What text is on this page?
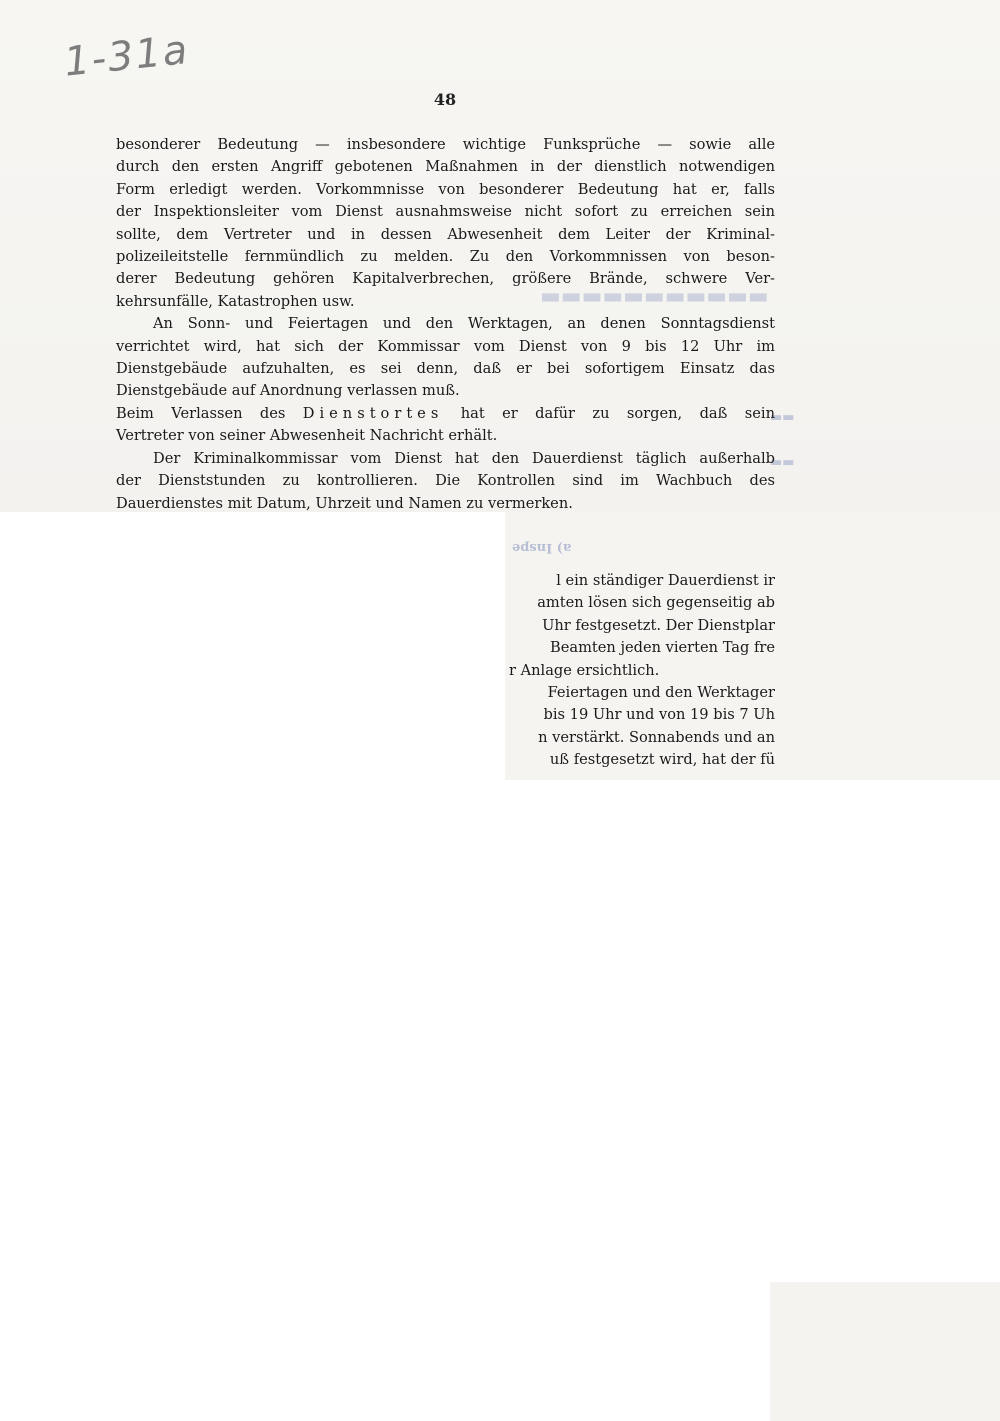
1-31a
48
▬▬▬▬▬▬▬▬▬▬▬
▬▬
▬▬

besonderer Bedeutung — insbesondere wichtige Funksprüche — sowie alle
durch den ersten Angriff gebotenen Maßnahmen in der dienstlich notwendigen
Form erledigt werden. Vorkommnisse von besonderer Bedeutung hat er, falls
der Inspektionsleiter vom Dienst ausnahmsweise nicht sofort zu erreichen sein
sollte, dem Vertreter und in dessen Abwesenheit dem Leiter der Kriminal-
polizeileitstelle fernmündlich zu melden. Zu den Vorkommnissen von beson-
derer Bedeutung gehören Kapitalverbrechen, größere Brände, schwere Ver-
kehrsunfälle, Katastrophen usw.

An Sonn- und Feiertagen und den Werktagen, an denen Sonntagsdienst
verrichtet wird, hat sich der Kommissar vom Dienst von 9 bis 12 Uhr im
Dienstgebäude aufzuhalten, es sei denn, daß er bei sofortigem Einsatz das
Dienstgebäude auf Anordnung verlassen muß.

Beim Verlassen des Dienstortes hat er dafür zu sorgen, daß sein
Vertreter von seiner Abwesenheit Nachricht erhält.

Der Kriminalkommissar vom Dienst hat den Dauerdienst täglich außerhalb
der Dienststunden zu kontrollieren. Die Kontrollen sind im Wachbuch des
Dauerdienstes mit Datum, Uhrzeit und Namen zu vermerken.

a) Inspe
l ein ständiger Dauerdienst ir
amten lösen sich gegenseitig ab
Uhr festgesetzt. Der Dienstplar
Beamten jeden vierten Tag fre
r Anlage ersichtlich.
Feiertagen und den Werktager
bis 19 Uhr und von 19 bis 7 Uh
n verstärkt. Sonnabends und an
uß festgesetzt wird, hat der fü
